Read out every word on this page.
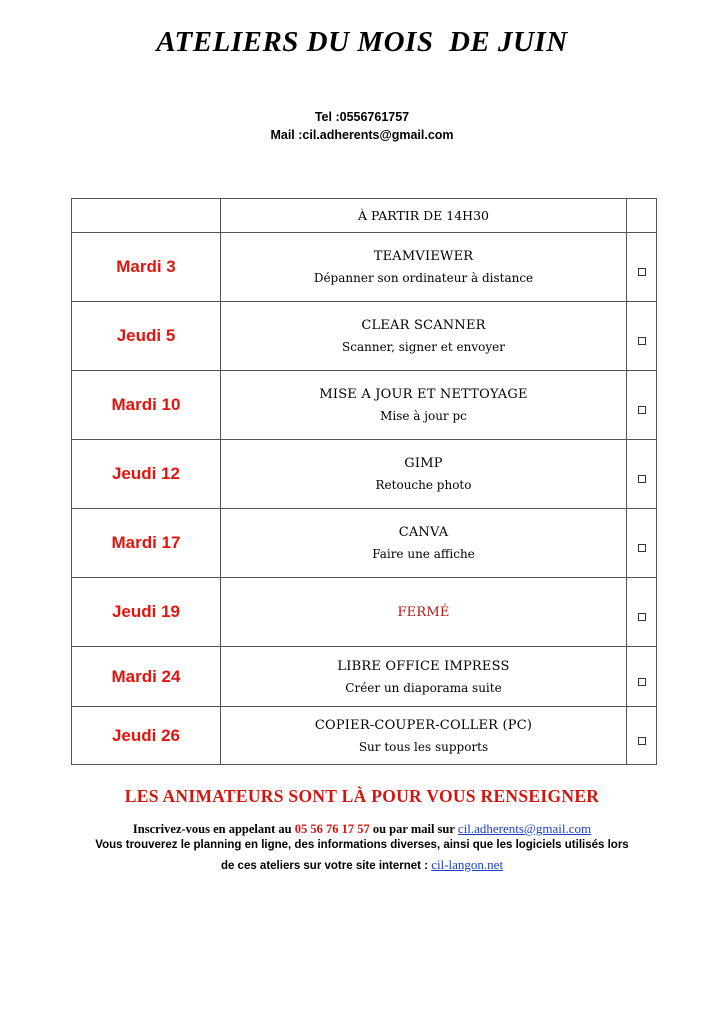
ATELIERS DU MOIS  DE JUIN
Tel :0556761757
Mail :cil.adherents@gmail.com
	À PARTIR DE 14H30	
Mardi 3	TEAMVIEWER
Dépanner son ordinateur à distance	

Jeudi 5	CLEAR SCANNER
Scanner, signer et envoyer	

Mardi 10	MISE A JOUR ET NETTOYAGE
Mise à jour pc	

Jeudi 12	GIMP
Retouche photo	

Mardi 17	CANVA
Faire une affiche	

Jeudi 19	FERMÉ	

Mardi 24	LIBRE OFFICE IMPRESS
Créer un diaporama suite	

Jeudi 26	COPIER-COUPER-COLLER (PC)
Sur tous les supports	

LES ANIMATEURS SONT LÀ POUR VOUS RENSEIGNER
Inscrivez-vous en appelant au 05 56 76 17 57 ou par mail sur cil.adherents@gmail.com
Vous trouverez le planning en ligne, des informations diverses, ainsi que les logiciels utilisés lors
de ces ateliers sur votre site internet : cil-langon.net
